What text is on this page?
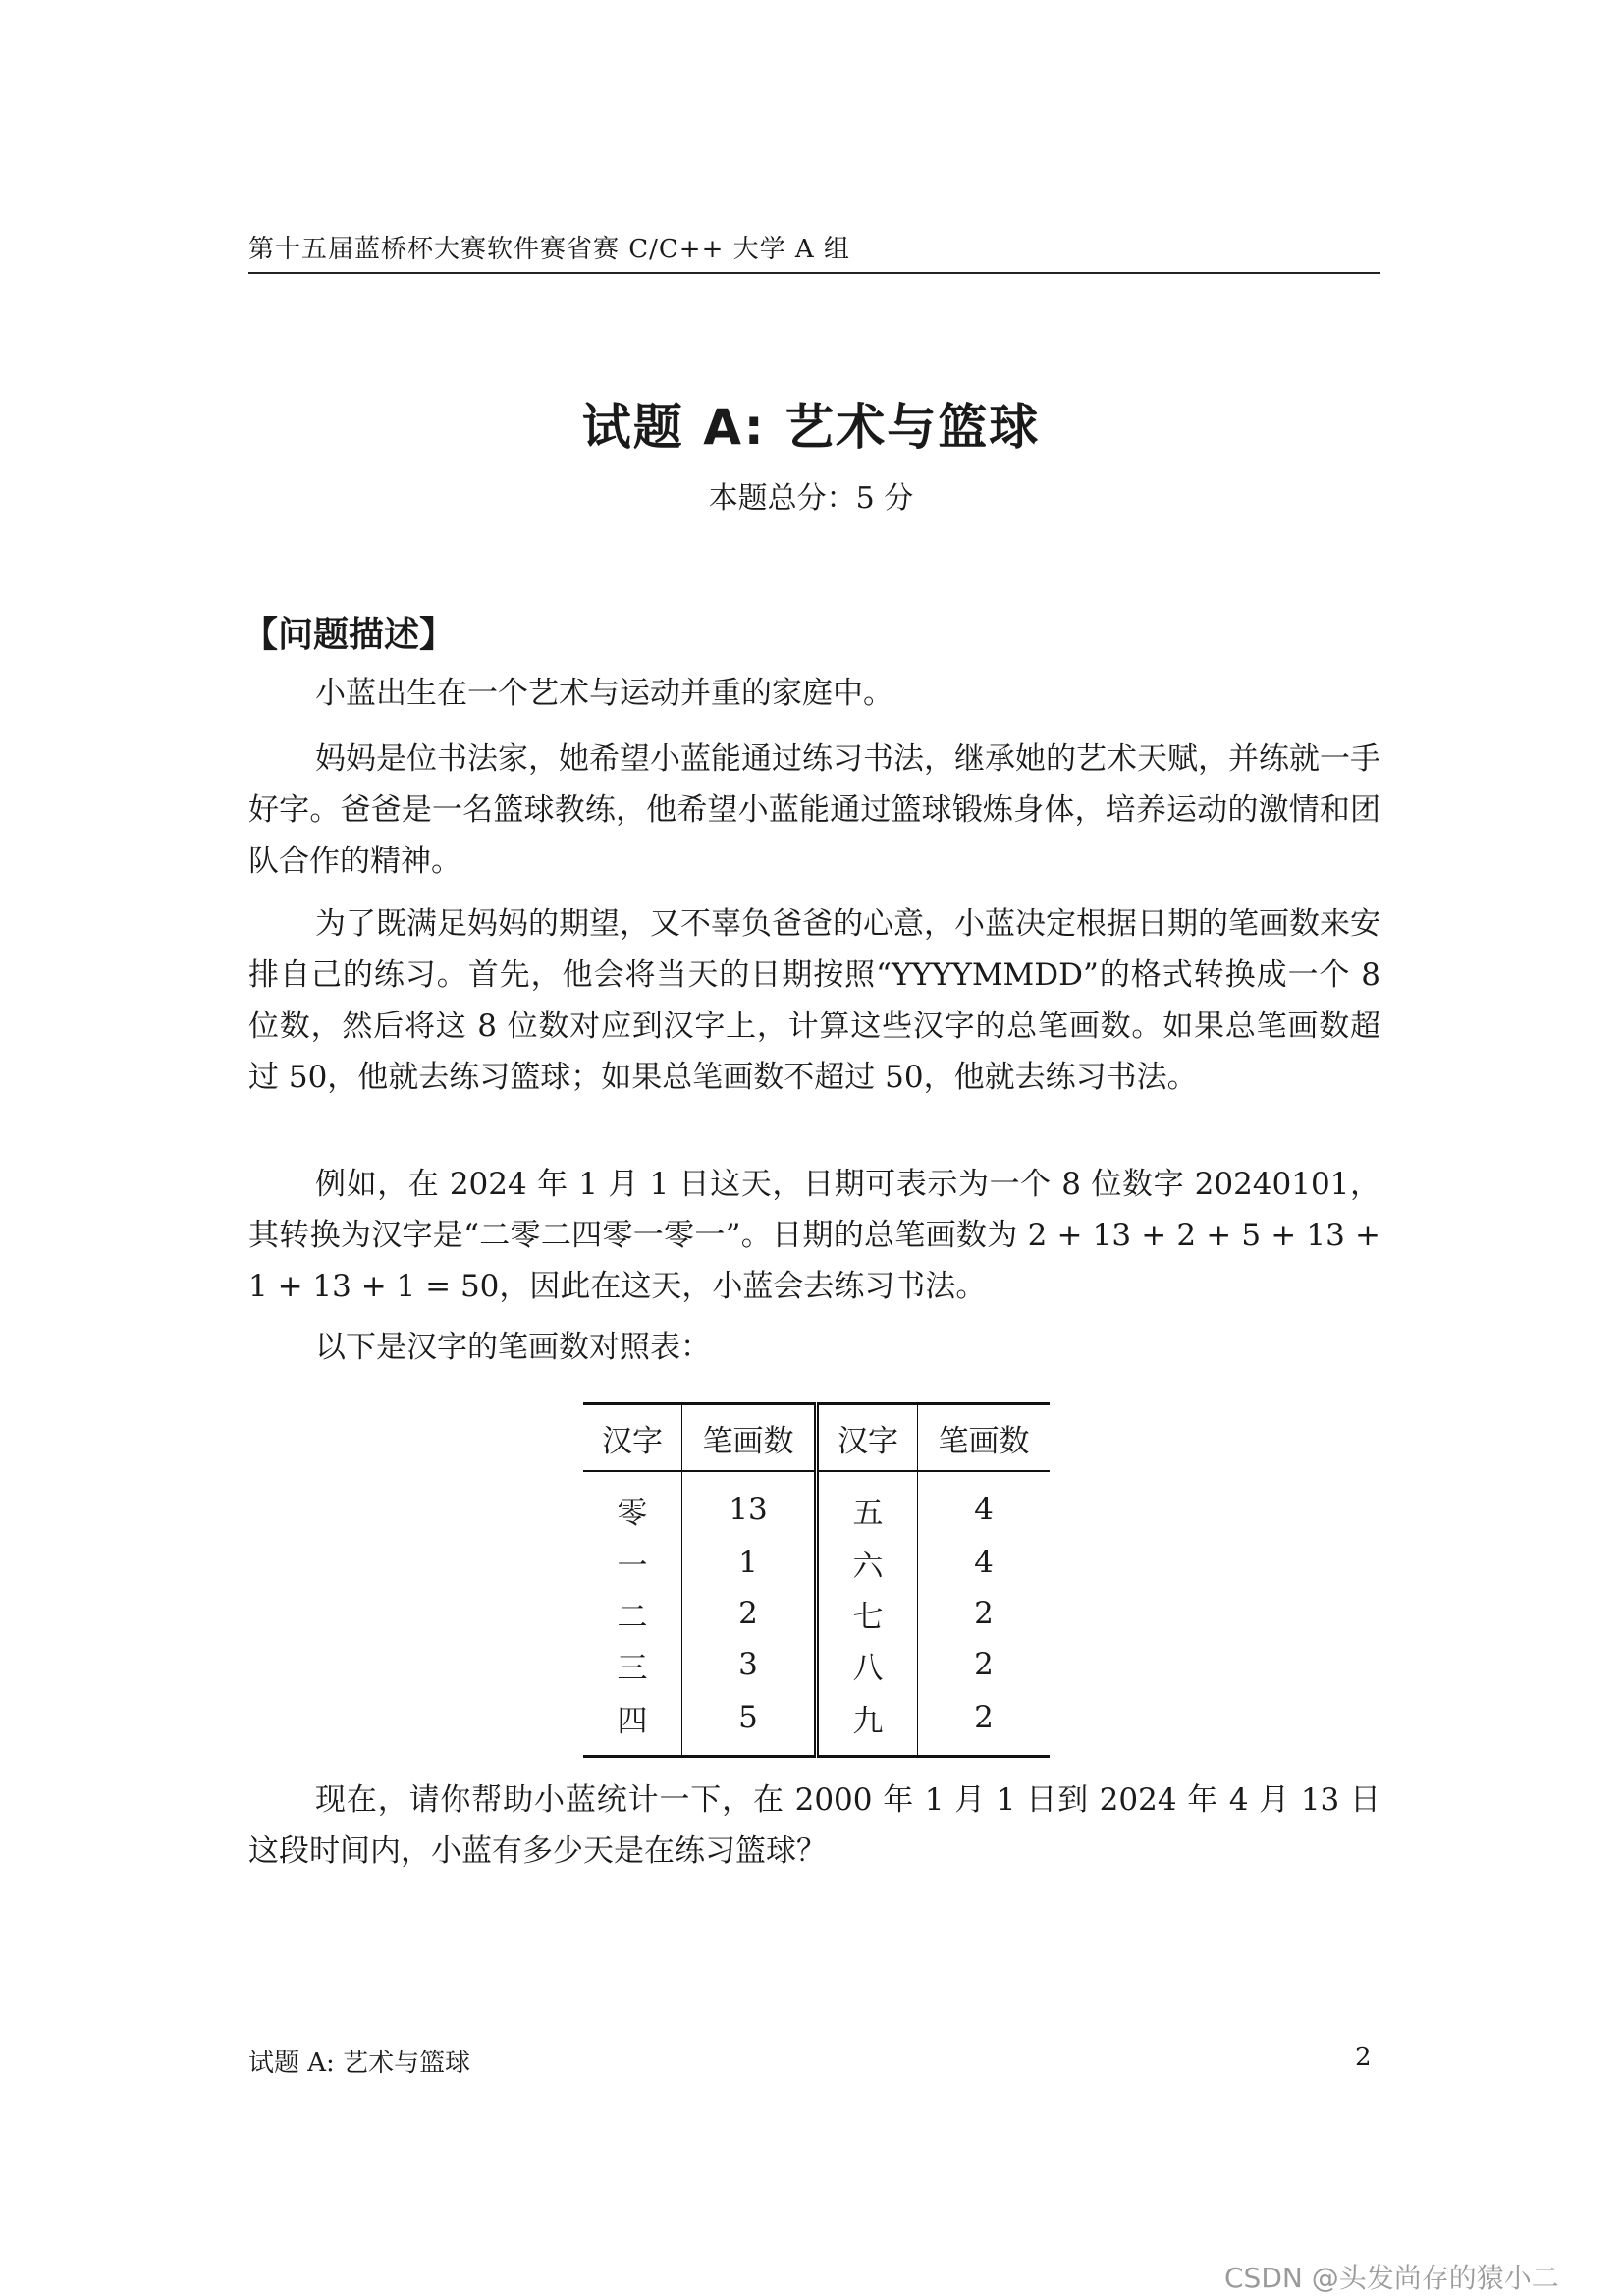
第十五届蓝桥杯大赛软件赛省赛 C/C++ 大学 A 组
试题 A: 艺术与篮球
本题总分：5 分
【问题描述】

小蓝出生在一个艺术与运动并重的家庭中。

妈妈是位书法家，她希望小蓝能通过练习书法，继承她的艺术天赋，并练就一手好字。爸爸是一名篮球教练，他希望小蓝能通过篮球锻炼身体，培养运动的激情和团队合作的精神。

为了既满足妈妈的期望，又不辜负爸爸的心意，小蓝决定根据日期的笔画数来安排自己的练习。首先，他会将当天的日期按照“YYYYMMDD”的格式转换成一个 8 位数，然后将这 8 位数对应到汉字上，计算这些汉字的总笔画数。如果总笔画数超过 50，他就去练习篮球；如果总笔画数不超过 50，他就去练习书法。

例如，在 2024 年 1 月 1 日这天，日期可表示为一个 8 位数字 20240101，其转换为汉字是“二零二四零一零一”。日期的总笔画数为 2 + 13 + 2 + 5 + 13 + 1 + 13 + 1 = 50，因此在这天，小蓝会去练习书法。

以下是汉字的笔画数对照表：

汉字	笔画数	汉字	笔画数
零	13	五	4
一	1	六	4
二	2	七	2
三	3	八	2
四	5	九	2

现在，请你帮助小蓝统计一下，在 2000 年 1 月 1 日到 2024 年 4 月 13 日这段时间内，小蓝有多少天是在练习篮球？

试题 A: 艺术与篮球	2
CSDN @头发尚存的猿小二
